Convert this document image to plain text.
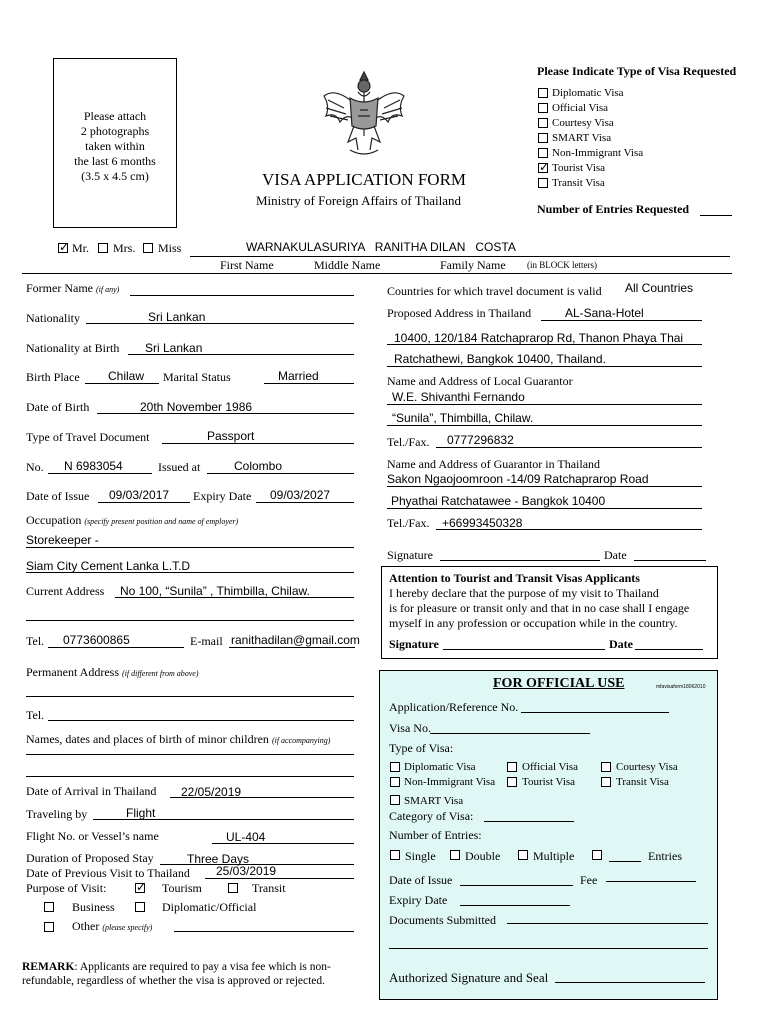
Please attach
2 photographs
taken within
the last 6 months
(3.5 x 4.5 cm)	VISA APPLICATION FORM
Ministry of Foreign Affairs of Thailand
Please Indicate Type of Visa Requested
Diplomatic Visa
Official Visa
Courtesy Visa
SMART Visa
Non-Immigrant Visa
✓
Tourist Visa
Transit Visa
Number of Entries Requested
✓
Mr. Mrs. Miss	WARNAKULASURIYA   RANITHA DILAN   COSTA
First Name	Middle Name	Family Name (in BLOCK letters)
Former Name (if any)
Nationality	Sri Lankan
Nationality at Birth Sri Lankan
Birth Place Chilaw Marital Status	Married
Date of Birth	20th November 1986
Type of Travel Document	Passport
No. N 6983054	Issued at	Colombo
Date of Issue 09/03/2017 Expiry Date 09/03/2027
Occupation (specify present position and name of employer)
Storekeeper -
Siam City Cement Lanka L.T.D
Current Address No 100, “Sunila” , Thimbilla, Chilaw.
Tel. 0773600865	E-mail ranithadilan@gmail.com
Permanent Address (if different from above)
Tel.
Names, dates and places of birth of minor children (if accompanying)
Date of Arrival in Thailand 22/05/2019
Traveling by	Flight
Flight No. or Vessel’s name	UL-404
Duration of Proposed Stay	Three Days
Date of Previous Visit to Thailand 25/03/2019
Purpose of Visit:
✓	Tourism	Transit
Business	Diplomatic/Official
Other (please specify)
REMARK: Applicants are required to pay a visa fee which is non-
refundable, regardless of whether the visa is approved or rejected.
Countries for which travel document is valid All Countries
Proposed Address in Thailand	AL-Sana-Hotel
10400, 120/184 Ratchaprarop Rd, Thanon Phaya Thai
Ratchathewi, Bangkok 10400, Thailand.
Name and Address of Local Guarantor
W.E. Shivanthi Fernando
“Sunila”, Thimbilla, Chilaw.
Tel./Fax. 0777296832
Name and Address of Guarantor in Thailand
Sakon Ngaojoomroon -14/09 Ratchaprarop Road
Phyathai Ratchatawee - Bangkok 10400
Tel./Fax. +66993450328
Signature	Date
Attention to Tourist and Transit Visas Applicants
I hereby declare that the purpose of my visit to Thailand
is for pleasure or transit only and that in no case shall I engage
myself in any profession or occupation while in the country.
Signature	Date
FOR OFFICIAL USE	mfavisaform18062010
Application/Reference No.
Visa No.
Type of Visa:
Diplomatic Visa	Official Visa	Courtesy Visa
Non-Immigrant Visa Tourist Visa	Transit Visa
SMART Visa
Category of Visa:
Number of Entries:
Single Double	Multiple	Entries
Date of Issue	Fee
Expiry Date
Documents Submitted
Authorized Signature and Seal
